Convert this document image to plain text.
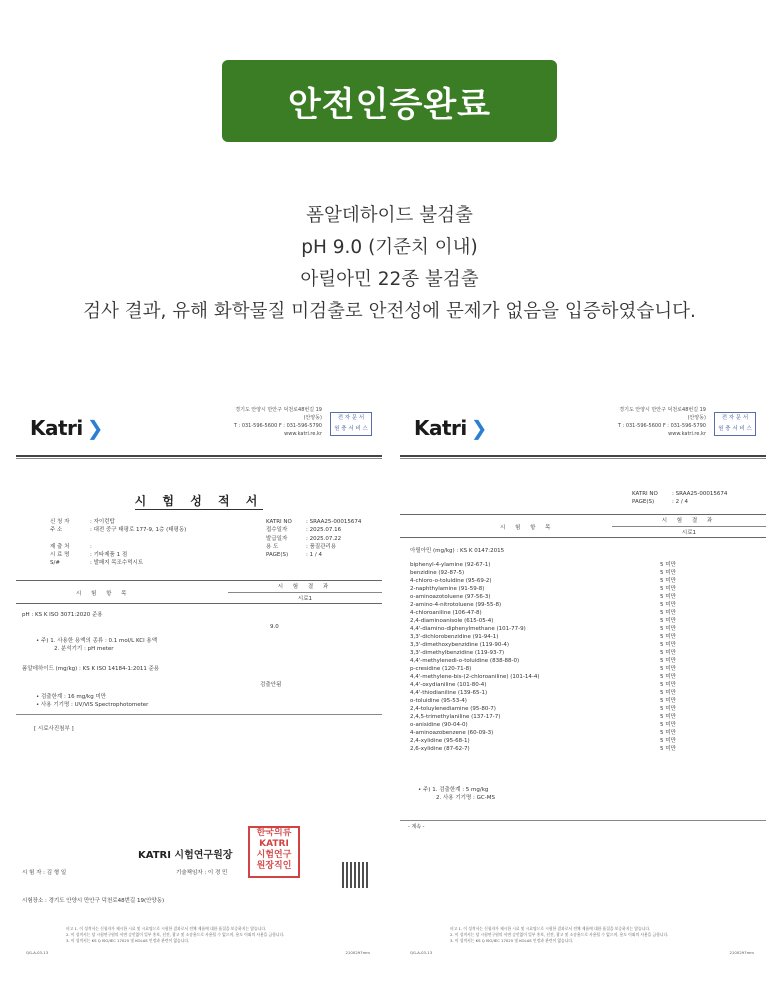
안전인증완료
폼알데하이드 불검출
pH 9.0 (기준치 이내)
아릴아민 22종 불검출
검사 결과, 유해 화학물질 미검출로 안전성에 문제가 없음을 입증하였습니다.
Katri ❯
경기도 안양시 만안구 덕천로48번길 19
(안양동)
T : 031-596-5600 F : 031-596-5790
www.katri.re.kr
전 자 문 서
원 충 서 비 스
시 험 성 적 서
신 청 자	: 자이런탑
주 소	: 대전 중구 태평로 177-9, 1층 (태평동)
제 출 처	:
시 료 명	: 기타제품 1 점
S/#	: 발패지 목조수먹시트
KATRI NO	: SRAA25-00015674
접수일자	: 2025.07.16
발급일자	: 2025.07.22
용 도	: 품질관리용
PAGE(S)	: 1 / 4
시 험 항 목
시 험 결 과
시료1
pH : KS K ISO 3071:2020 준용
9.0
• 주) 1. 사용한 용액의 종류 : 0.1 mol/L KCl 용액
2. 분석기기 : pH meter
폼알데하이드 (mg/kg) : KS K ISO 14184-1:2011 준용
검출안됨
• 검출한계 : 16 mg/kg 미만
• 사용 기기명 : UV/VIS Spectrophotometer
[ 시료사진첨부 ]
KATRI 시험연구원장
한국의류
KATRI
시험연구
원장직인
시 험 자 : 김 형 일	기술책임자 : 이 경 민
시험장소 : 경기도 안양시 만안구 덕천로48번길 19(안양동)
비고 1. 이 성적서는 신청자가 제시한 시료 및 시료명으로 시험한 결과로서 전체 제품에 대한 품질을 보증하지는 않습니다.
2. 이 성적서는 당 시험연구원의 서면 승인없이 일부 홍보, 선전, 광고 및 소송용으로 사용될 수 없으며, 용도 이외의 사용을 금합니다.
3. 이 성적서는 KS Q ISO/IEC 17025 및 KOLAS 인정과 관련이 없습니다.
QG-A-03-13	210X297mm
Katri ❯
경기도 안양시 만안구 덕천로48번길 19
(안양동)
T : 031-596-5600 F : 031-596-5790
www.katri.re.kr
전 자 문 서
원 충 서 비 스
KATRI NO	: SRAA25-00015674
PAGE(S)	: 2 / 4
시 험 항 목
시 험 결 과
시료1
아릴아민 (mg/kg) : KS K 0147:2015
biphenyl-4-ylamine (92-67-1)	5 미만
benzidine (92-87-5)	5 미만
4-chloro-o-toluidine (95-69-2)	5 미만
2-naphthylamine (91-59-8)	5 미만
o-aminoazotoluene (97-56-3)	5 미만
2-amino-4-nitrotoluene (99-55-8)	5 미만
4-chloroaniline (106-47-8)	5 미만
2,4-diaminoanisole (615-05-4)	5 미만
4,4'-diamino-diphenylmethane (101-77-9)	5 미만
3,3'-dichlorobenzidine (91-94-1)	5 미만
3,3'-dimethoxybenzidine (119-90-4)	5 미만
3,3'-dimethylbenzidine (119-93-7)	5 미만
4,4'-methylenedi-o-toluidine (838-88-0)	5 미만
p-cresidine (120-71-8)	5 미만
4,4'-methylene-bis-(2-chloroaniline) (101-14-4)	5 미만
4,4'-oxydianiline (101-80-4)	5 미만
4,4'-thiodianiline (139-65-1)	5 미만
o-toluidine (95-53-4)	5 미만
2,4-toluylenediamine (95-80-7)	5 미만
2,4,5-trimethylaniline (137-17-7)	5 미만
o-anisidine (90-04-0)	5 미만
4-aminoazobenzene (60-09-3)	5 미만
2,4-xylidine (95-68-1)	5 미만
2,6-xylidine (87-62-7)	5 미만
• 주) 1. 검출한계 : 5 mg/kg
2. 사용 기기명 : GC-MS
- 계속 -
비고 1. 이 성적서는 신청자가 제시한 시료 및 시료명으로 시험한 결과로서 전체 제품에 대한 품질을 보증하지는 않습니다.
2. 이 성적서는 당 시험연구원의 서면 승인없이 일부 홍보, 선전, 광고 및 소송용으로 사용될 수 없으며, 용도 이외의 사용을 금합니다.
3. 이 성적서는 KS Q ISO/IEC 17025 및 KOLAS 인정과 관련이 없습니다.
QG-A-03-13	210X297mm
